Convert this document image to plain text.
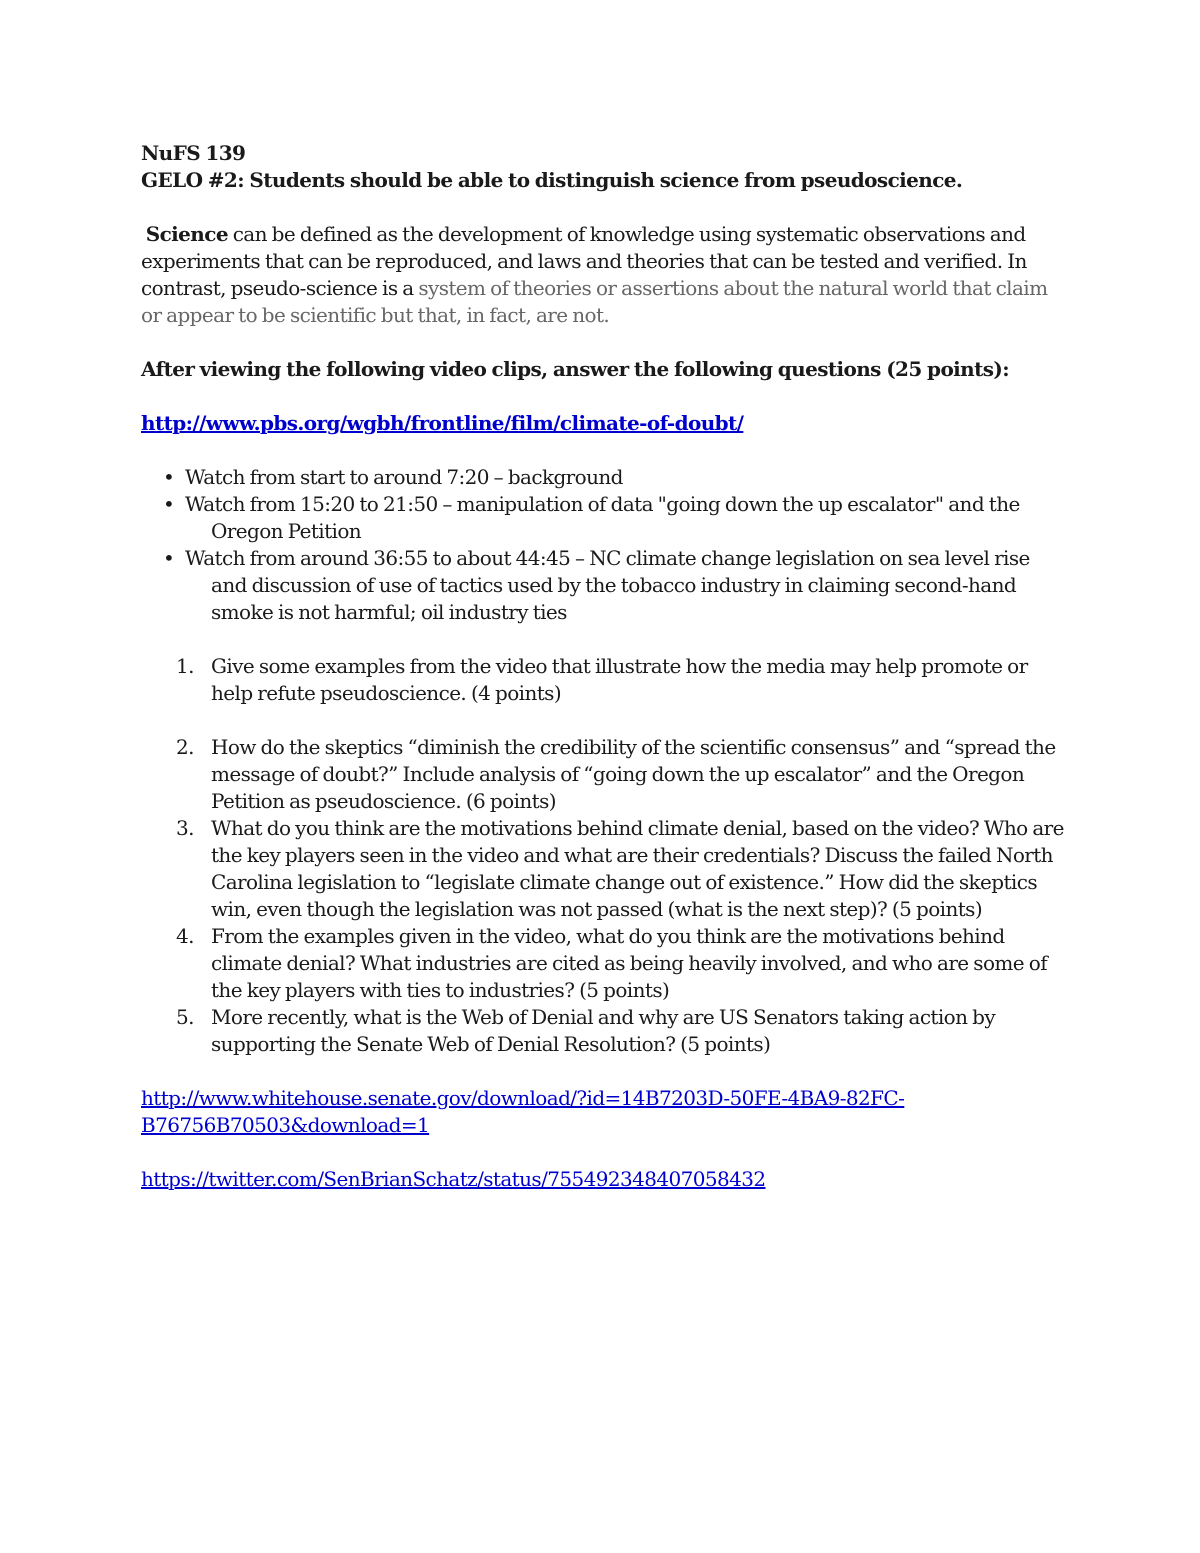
NuFS 139

GELO #2: Students should be able to distinguish science from pseudoscience.

Science can be defined as the development of knowledge using systematic observations and experiments that can be reproduced, and laws and theories that can be tested and verified. In contrast, pseudo-science is a system of theories or assertions about the natural world that claim or appear to be scientific but that, in fact, are not.

After viewing the following video clips, answer the following questions (25 points):

http://www.pbs.org/wgbh/frontline/film/climate-of-doubt/

• Watch from start to around 7:20 – background
• Watch from 15:20 to 21:50 – manipulation of data "going down the up escalator" and the Oregon Petition
• Watch from around 36:55 to about 44:45 – NC climate change legislation on sea level rise and discussion of use of tactics used by the tobacco industry in claiming second-hand smoke is not harmful; oil industry ties
1. Give some examples from the video that illustrate how the media may help promote or help refute pseudoscience. (4 points)
2. How do the skeptics “diminish the credibility of the scientific consensus” and “spread the message of doubt?” Include analysis of “going down the up escalator” and the Oregon Petition as pseudoscience. (6 points)
3. What do you think are the motivations behind climate denial, based on the video? Who are the key players seen in the video and what are their credentials? Discuss the failed North Carolina legislation to “legislate climate change out of existence.” How did the skeptics win, even though the legislation was not passed (what is the next step)? (5 points)
4. From the examples given in the video, what do you think are the motivations behind climate denial? What industries are cited as being heavily involved, and who are some of the key players with ties to industries? (5 points)
5. More recently, what is the Web of Denial and why are US Senators taking action by supporting the Senate Web of Denial Resolution? (5 points)

http://www.whitehouse.senate.gov/download/?id=14B7203D-50FE-4BA9-82FC-B76756B70503&download=1

https://twitter.com/SenBrianSchatz/status/755492348407058432
